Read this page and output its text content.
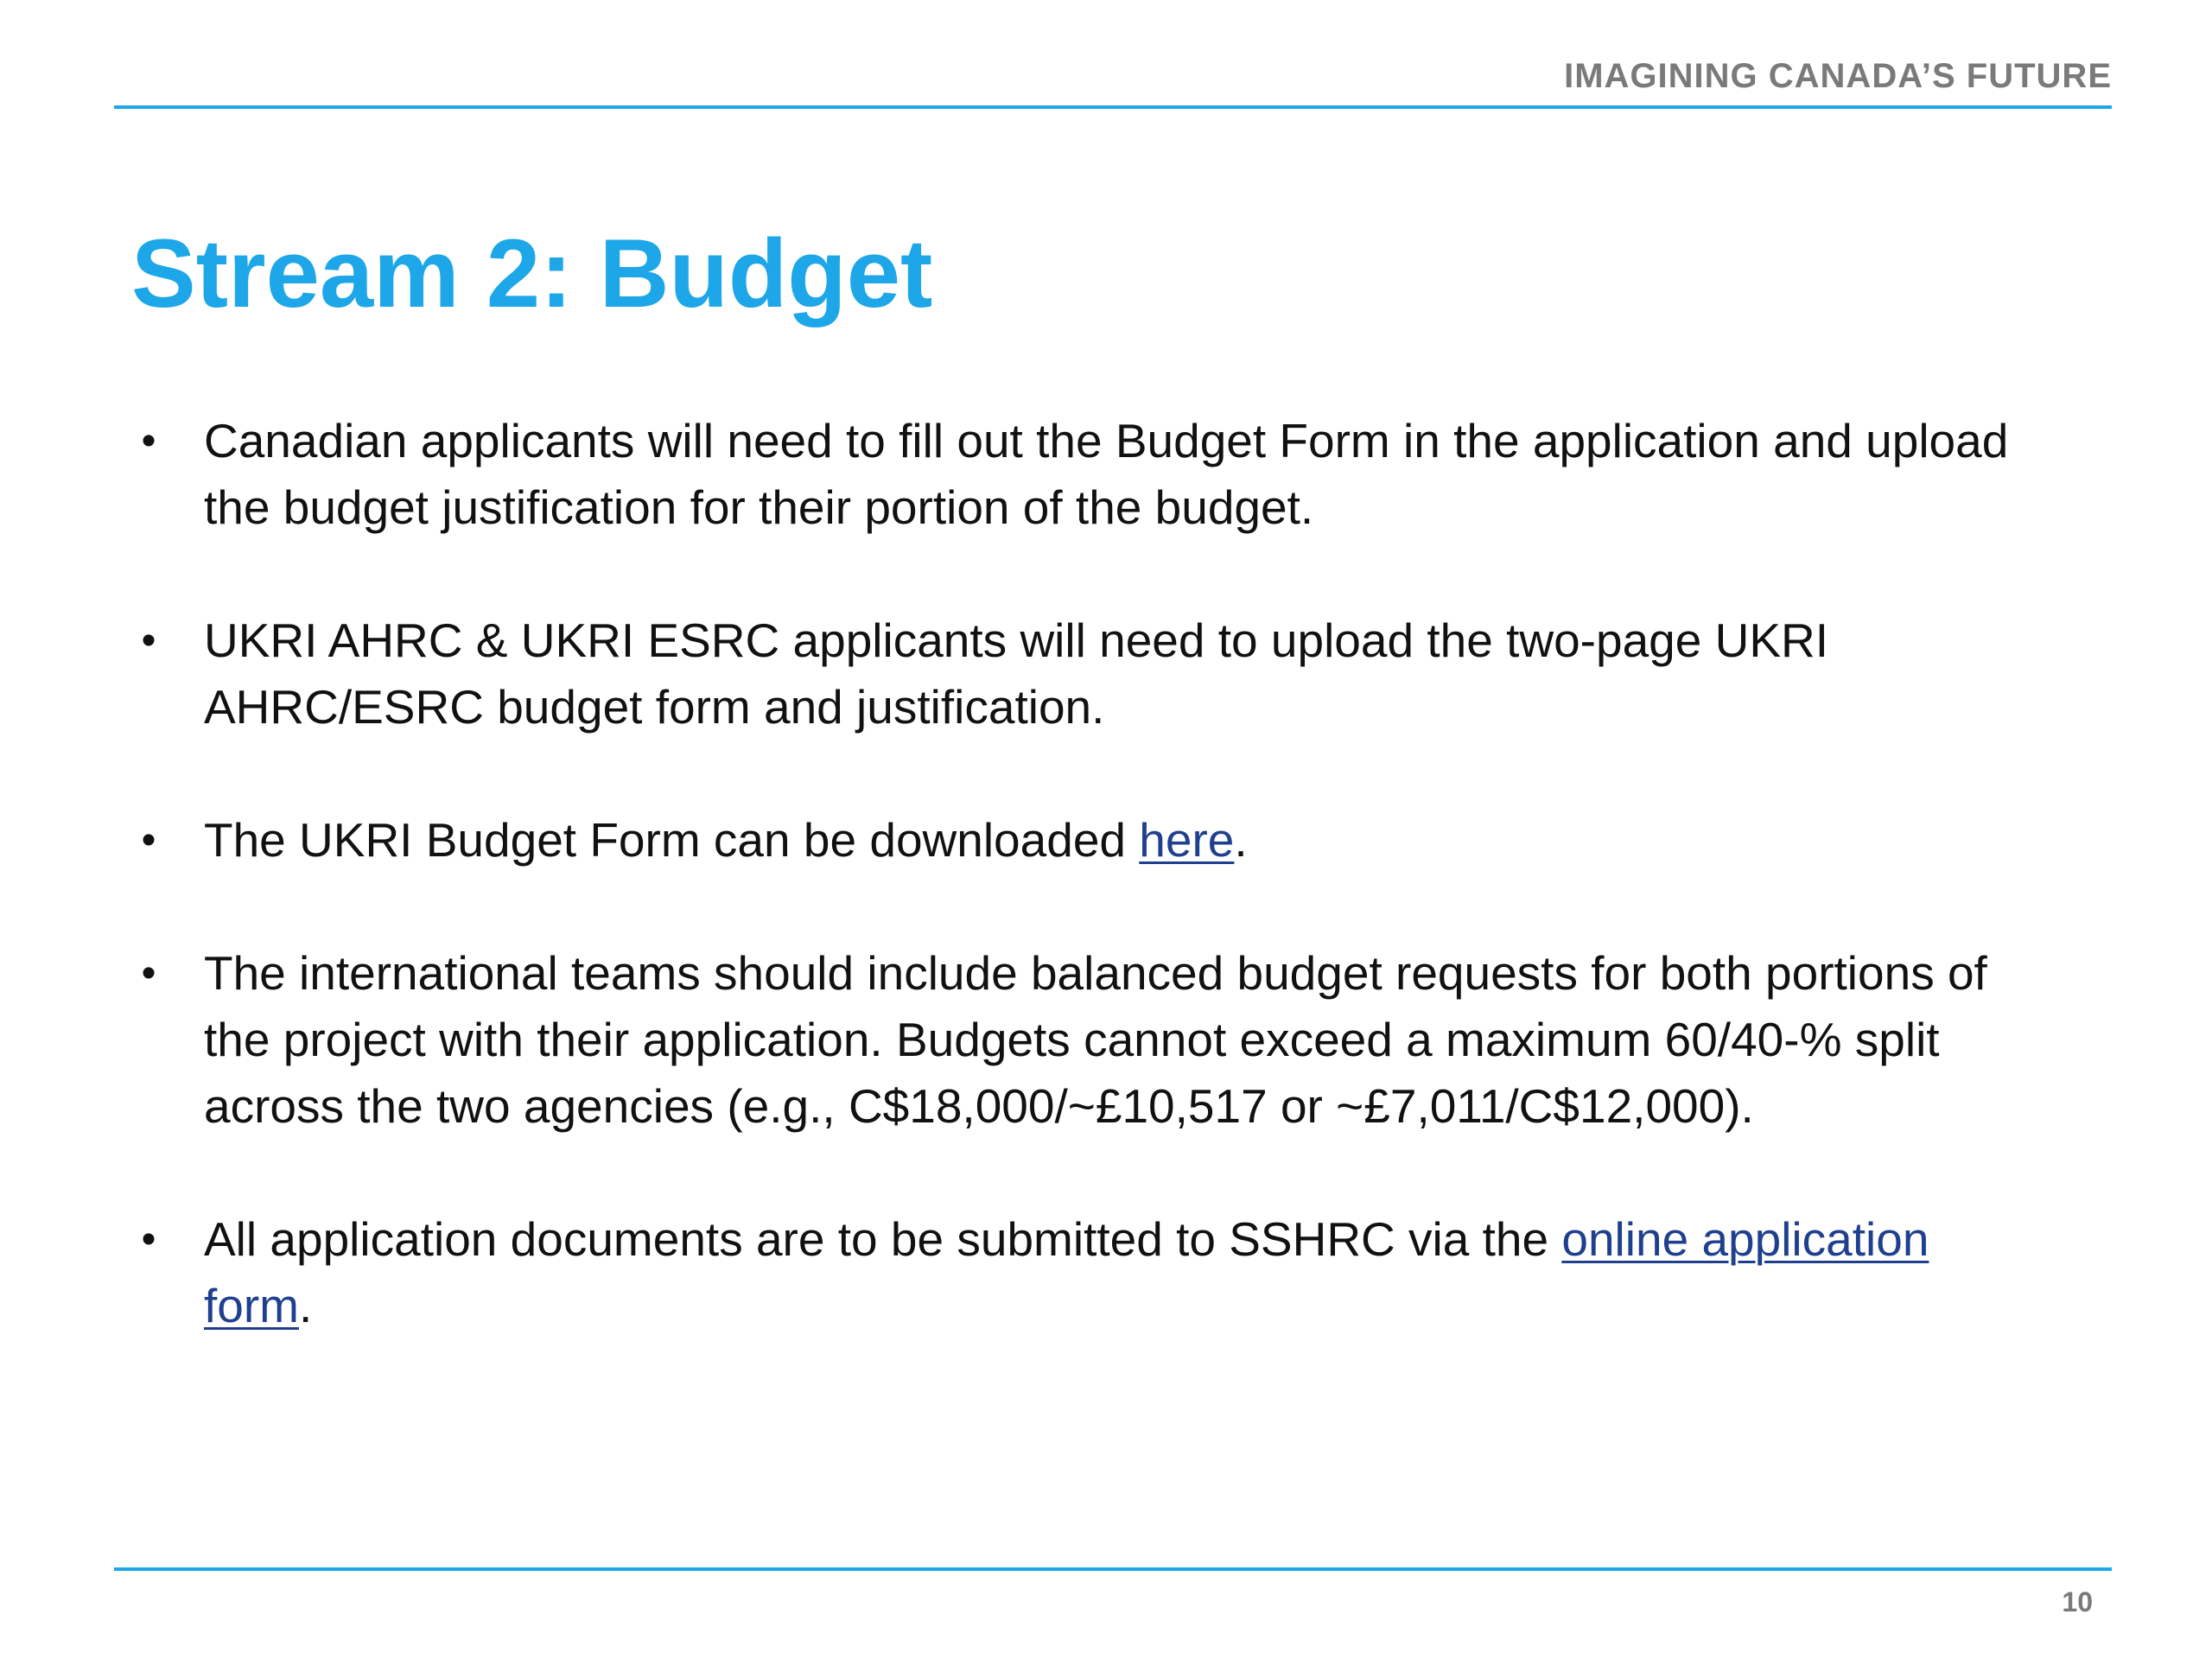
IMAGINING CANADA’S FUTURE
Stream 2: Budget
• Canadian applicants will need to fill out the Budget Form in the application and upload the budget justification for their portion of the budget.
• UKRI AHRC & UKRI ESRC applicants will need to upload the two-page UKRI AHRC/ESRC budget form and justification.
• The UKRI Budget Form can be downloaded here.
• The international teams should include balanced budget requests for both portions of the project with their application. Budgets cannot exceed a maximum 60/40-% split across the two agencies (e.g., C$18,000/~£10,517 or ~£7,011/C$12,000).
• All application documents are to be submitted to SSHRC via the online application form.
10
